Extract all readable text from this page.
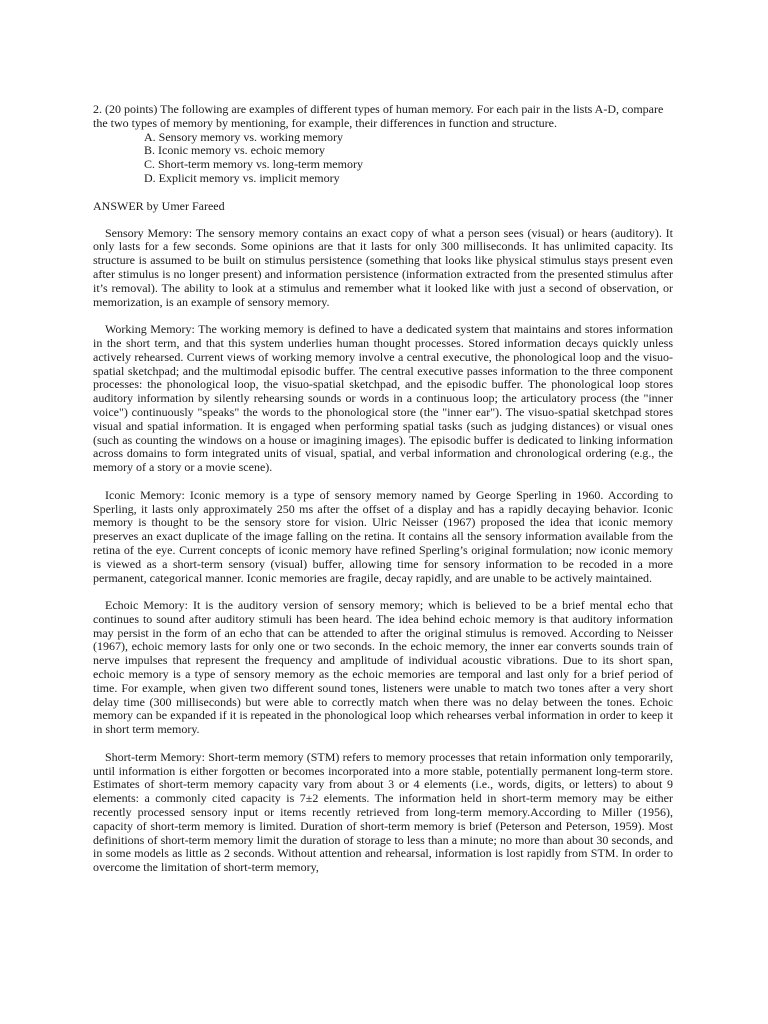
2. (20 points) The following are examples of different types of human memory. For each pair in the lists A-D, compare the two types of memory by mentioning, for example, their differences in function and structure.

A. Sensory memory vs. working memory
B. Iconic memory vs. echoic memory
C. Short-term memory vs. long-term memory
D. Explicit memory vs. implicit memory

ANSWER by Umer Fareed

Sensory Memory: The sensory memory contains an exact copy of what a person sees (visual) or hears (auditory). It only lasts for a few seconds. Some opinions are that it lasts for only 300 milliseconds. It has unlimited capacity. Its structure is assumed to be built on stimulus persistence (something that looks like physical stimulus stays present even after stimulus is no longer present) and information persistence (information extracted from the presented stimulus after it’s removal). The ability to look at a stimulus and remember what it looked like with just a second of observation, or memorization, is an example of sensory memory.

Working Memory: The working memory is defined to have a dedicated system that maintains and stores information in the short term, and that this system underlies human thought processes. Stored information decays quickly unless actively rehearsed. Current views of working memory involve a central executive, the phonological loop and the visuo-spatial sketchpad; and the multimodal episodic buffer. The central executive passes information to the three component processes: the phonological loop, the visuo-spatial sketchpad, and the episodic buffer. The phonological loop stores auditory information by silently rehearsing sounds or words in a continuous loop; the articulatory process (the "inner voice") continuously "speaks" the words to the phonological store (the "inner ear"). The visuo-spatial sketchpad stores visual and spatial information. It is engaged when performing spatial tasks (such as judging distances) or visual ones (such as counting the windows on a house or imagining images). The episodic buffer is dedicated to linking information across domains to form integrated units of visual, spatial, and verbal information and chronological ordering (e.g., the memory of a story or a movie scene).

Iconic Memory: Iconic memory is a type of sensory memory named by George Sperling in 1960. According to Sperling, it lasts only approximately 250 ms after the offset of a display and has a rapidly decaying behavior. Iconic memory is thought to be the sensory store for vision. Ulric Neisser (1967) proposed the idea that iconic memory preserves an exact duplicate of the image falling on the retina. It contains all the sensory information available from the retina of the eye. Current concepts of iconic memory have refined Sperling’s original formulation; now iconic memory is viewed as a short-term sensory (visual) buffer, allowing time for sensory information to be recoded in a more permanent, categorical manner. Iconic memories are fragile, decay rapidly, and are unable to be actively maintained.

Echoic Memory: It is the auditory version of sensory memory; which is believed to be a brief mental echo that continues to sound after auditory stimuli has been heard. The idea behind echoic memory is that auditory information may persist in the form of an echo that can be attended to after the original stimulus is removed. According to Neisser (1967), echoic memory lasts for only one or two seconds. In the echoic memory, the inner ear converts sounds train of nerve impulses that represent the frequency and amplitude of individual acoustic vibrations. Due to its short span, echoic memory is a type of sensory memory as the echoic memories are temporal and last only for a brief period of time. For example, when given two different sound tones, listeners were unable to match two tones after a very short delay time (300 milliseconds) but were able to correctly match when there was no delay between the tones. Echoic memory can be expanded if it is repeated in the phonological loop which rehearses verbal information in order to keep it in short term memory.

Short-term Memory: Short-term memory (STM) refers to memory processes that retain information only temporarily, until information is either forgotten or becomes incorporated into a more stable, potentially permanent long-term store. Estimates of short-term memory capacity vary from about 3 or 4 elements (i.e., words, digits, or letters) to about 9 elements: a commonly cited capacity is 7±2 elements. The information held in short-term memory may be either recently processed sensory input or items recently retrieved from long-term memory.According to Miller (1956), capacity of short-term memory is limited. Duration of short-term memory is brief (Peterson and Peterson, 1959). Most definitions of short-term memory limit the duration of storage to less than a minute; no more than about 30 seconds, and in some models as little as 2 seconds. Without attention and rehearsal, information is lost rapidly from STM. In order to overcome the limitation of short-term memory,
